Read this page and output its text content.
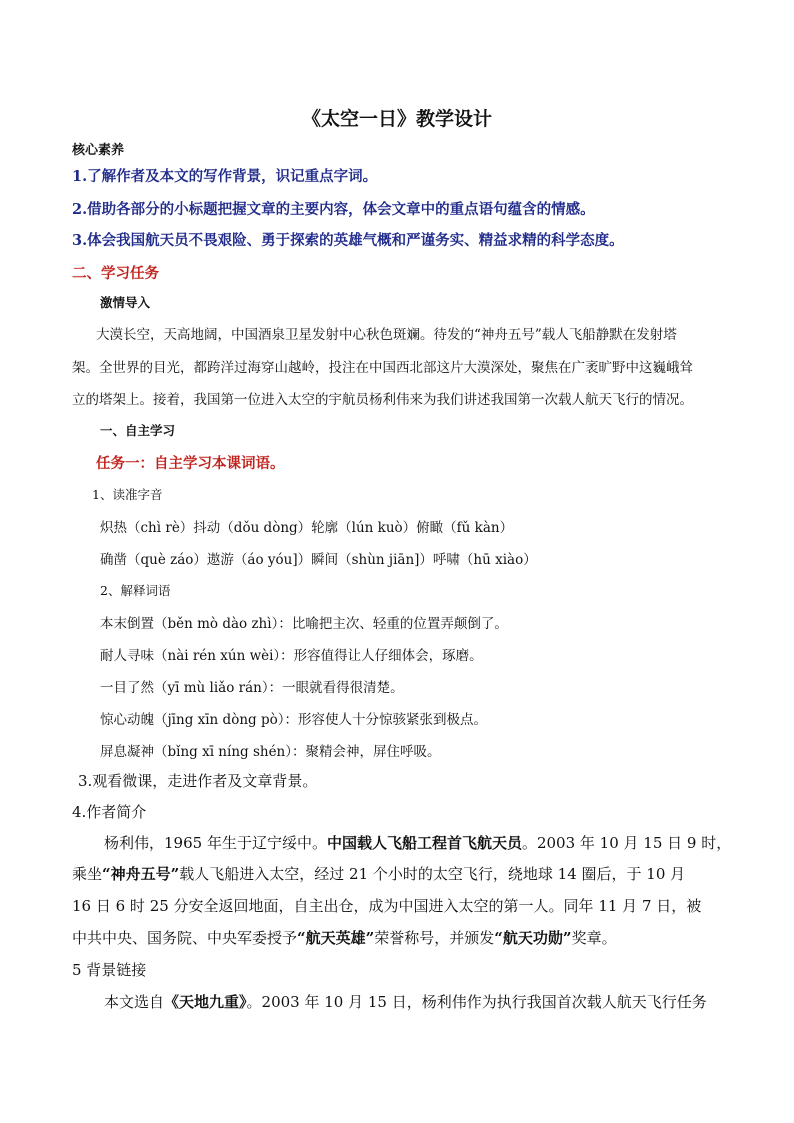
《太空一日》教学设计
核心素养
1.了解作者及本文的写作背景，识记重点字词。
2.借助各部分的小标题把握文章的主要内容，体会文章中的重点语句蕴含的情感。
3.体会我国航天员不畏艰险、勇于探索的英雄气概和严谨务实、精益求精的科学态度。
二、学习任务
激情导入
大漠长空，天高地阔，中国酒泉卫星发射中心秋色斑斓。待发的“神舟五号”载人飞船静默在发射塔
架。全世界的目光，都跨洋过海穿山越岭，投注在中国西北部这片大漠深处，聚焦在广袤旷野中这巍峨耸
立的塔架上。接着，我国第一位进入太空的宇航员杨利伟来为我们讲述我国第一次载人航天飞行的情况。
一、自主学习
任务一：自主学习本课词语。
1、读准字音
炽热（chì rè）抖动（dǒu dòng）轮廓（lún kuò）俯瞰（fǔ kàn）
确凿（què záo）遨游（áo yóu]）瞬间（shùn jiān]）呼啸（hū xiào）
2、解释词语
本末倒置（běn mò dào zhì）：比喻把主次、轻重的位置弄颠倒了。
耐人寻味（nài rén xún wèi）：形容值得让人仔细体会，琢磨。
一目了然（yī mù liǎo rán）：一眼就看得很清楚。
惊心动魄（jīng xīn dòng pò）：形容使人十分惊骇紧张到极点。
屏息凝神（bǐng xī níng shén）：聚精会神，屏住呼吸。
3.观看微课，走进作者及文章背景。
4.作者简介
杨利伟，1965 年生于辽宁绥中。中国载人飞船工程首飞航天员。2003 年 10 月 15 日 9 时，
乘坐“神舟五号”载人飞船进入太空，经过 21 个小时的太空飞行，绕地球 14 圈后，于 10 月
16 日 6 时 25 分安全返回地面，自主出仓，成为中国进入太空的第一人。同年 11 月 7 日，被
中共中央、国务院、中央军委授予“航天英雄”荣誉称号，并颁发“航天功勋”奖章。
5 背景链接
本文选自《天地九重》。2003 年 10 月 15 日，杨利伟作为执行我国首次载人航天飞行任务
